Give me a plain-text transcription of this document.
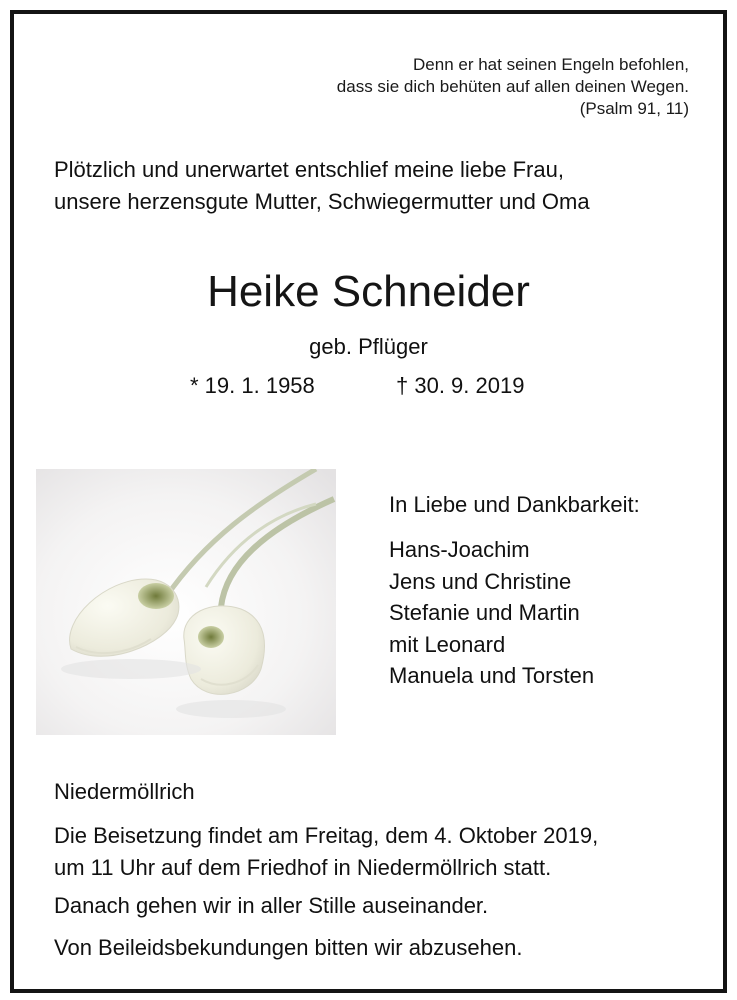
Denn er hat seinen Engeln befohlen,
dass sie dich behüten auf allen deinen Wegen.
(Psalm 91, 11)
Plötzlich und unerwartet entschlief meine liebe Frau,
unsere herzensgute Mutter, Schwiegermutter und Oma
Heike Schneider
geb. Pflüger
* 19. 1. 1958	† 30. 9. 2019
In Liebe und Dankbarkeit:
Hans-Joachim
Jens und Christine
Stefanie und Martin
mit Leonard
Manuela und Torsten
Niedermöllrich
Die Beisetzung findet am Freitag, dem 4. Oktober 2019,
um 11 Uhr auf dem Friedhof in Niedermöllrich statt.
Danach gehen wir in aller Stille auseinander.
Von Beileidsbekundungen bitten wir abzusehen.
